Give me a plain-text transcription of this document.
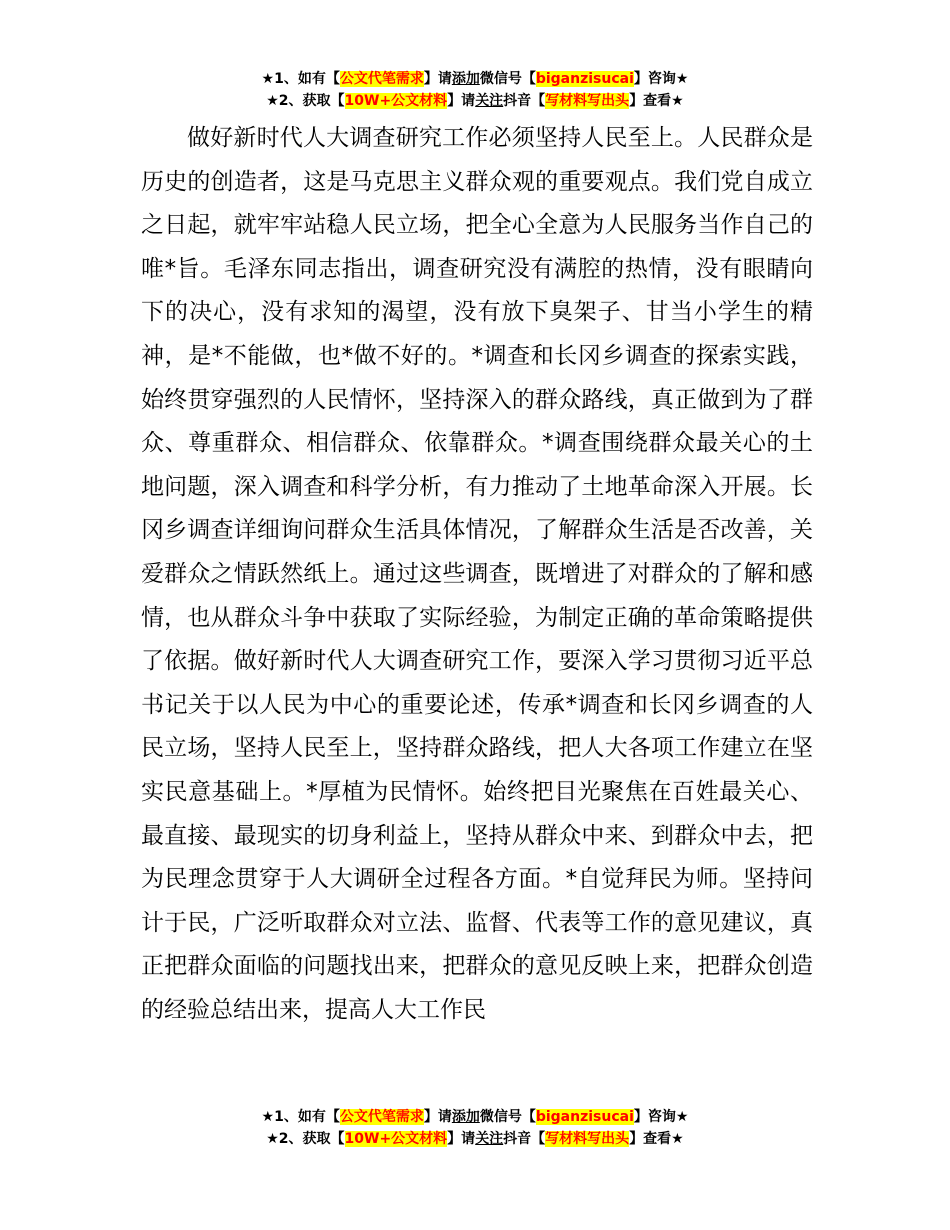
★1、如有【公文代笔需求】请添加微信号【biganzisucai】咨询★
★2、获取【10W+公文材料】请关注抖音【写材料写出头】查看★

做好新时代人大调查研究工作必须坚持人民至上。人民群众是历史的创造者，这是马克思主义群众观的重要观点。我们党自成立之日起，就牢牢站稳人民立场，把全心全意为人民服务当作自己的唯*旨。毛泽东同志指出，调查研究没有满腔的热情，没有眼睛向下的决心，没有求知的渴望，没有放下臭架子、甘当小学生的精神，是*不能做，也*做不好的。*调查和长冈乡调查的探索实践，始终贯穿强烈的人民情怀，坚持深入的群众路线，真正做到为了群众、尊重群众、相信群众、依靠群众。*调查围绕群众最关心的土地问题，深入调查和科学分析，有力推动了土地革命深入开展。长冈乡调查详细询问群众生活具体情况，了解群众生活是否改善，关爱群众之情跃然纸上。通过这些调查，既增进了对群众的了解和感情，也从群众斗争中获取了实际经验，为制定正确的革命策略提供了依据。做好新时代人大调查研究工作，要深入学习贯彻习近平总书记关于以人民为中心的重要论述，传承*调查和长冈乡调查的人民立场，坚持人民至上，坚持群众路线，把人大各项工作建立在坚实民意基础上。*厚植为民情怀。始终把目光聚焦在百姓最关心、最直接、最现实的切身利益上，坚持从群众中来、到群众中去，把为民理念贯穿于人大调研全过程各方面。*自觉拜民为师。坚持问计于民，广泛听取群众对立法、监督、代表等工作的意见建议，真正把群众面临的问题找出来，把群众的意见反映上来，把群众创造的经验总结出来，提高人大工作民

★1、如有【公文代笔需求】请添加微信号【biganzisucai】咨询★
★2、获取【10W+公文材料】请关注抖音【写材料写出头】查看★
